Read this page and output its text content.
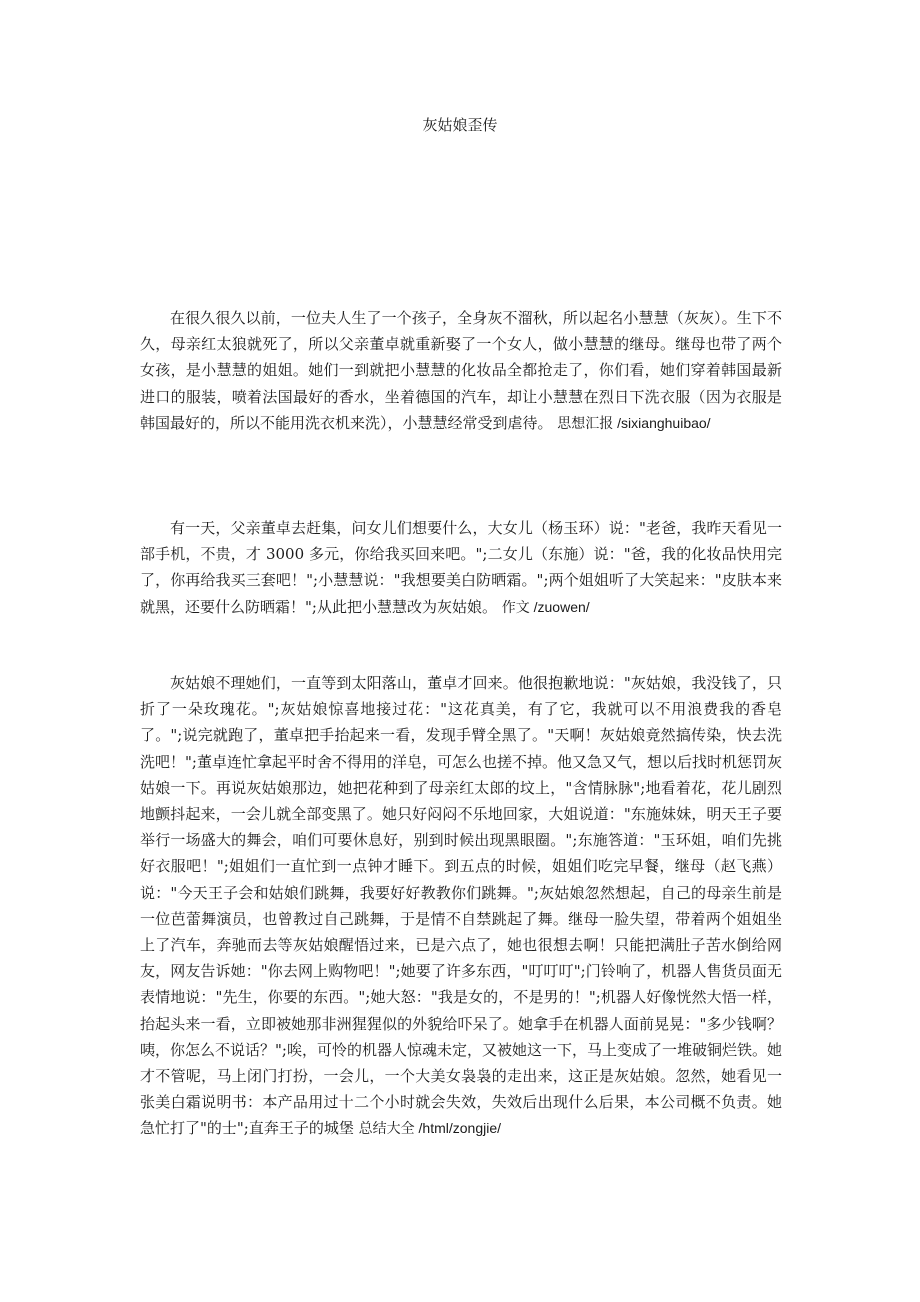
灰姑娘歪传

在很久很久以前，一位夫人生了一个孩子，全身灰不溜秋，所以起名小慧慧（灰灰）。生下不久，母亲红太狼就死了，所以父亲董卓就重新娶了一个女人，做小慧慧的继母。继母也带了两个女孩，是小慧慧的姐姐。她们一到就把小慧慧的化妆品全都抢走了，你们看，她们穿着韩国最新进口的服装，喷着法国最好的香水，坐着德国的汽车，却让小慧慧在烈日下洗衣服（因为衣服是韩国最好的，所以不能用洗衣机来洗），小慧慧经常受到虐待。 思想汇报 /sixianghuibao/

有一天，父亲董卓去赶集，问女儿们想要什么，大女儿（杨玉环）说："老爸，我昨天看见一部手机，不贵，才 3000 多元，你给我买回来吧。";二女儿（东施）说："爸，我的化妆品快用完了，你再给我买三套吧！";小慧慧说："我想要美白防晒霜。";两个姐姐听了大笑起来："皮肤本来就黑，还要什么防晒霜！";从此把小慧慧改为灰姑娘。 作文 /zuowen/

灰姑娘不理她们，一直等到太阳落山，董卓才回来。他很抱歉地说："灰姑娘，我没钱了，只折了一朵玫瑰花。";灰姑娘惊喜地接过花："这花真美，有了它，我就可以不用浪费我的香皂了。";说完就跑了，董卓把手抬起来一看，发现手臂全黑了。"天啊！灰姑娘竟然搞传染，快去洗洗吧！";董卓连忙拿起平时舍不得用的洋皂，可怎么也搓不掉。他又急又气，想以后找时机惩罚灰姑娘一下。再说灰姑娘那边，她把花种到了母亲红太郎的坟上，"含情脉脉";地看着花，花儿剧烈地颤抖起来，一会儿就全部变黑了。她只好闷闷不乐地回家，大姐说道："东施妹妹，明天王子要举行一场盛大的舞会，咱们可要休息好，别到时候出现黑眼圈。";东施答道："玉环姐，咱们先挑好衣服吧！";姐姐们一直忙到一点钟才睡下。到五点的时候，姐姐们吃完早餐，继母（赵飞燕）说："今天王子会和姑娘们跳舞，我要好好教教你们跳舞。";灰姑娘忽然想起，自己的母亲生前是一位芭蕾舞演员，也曾教过自己跳舞，于是情不自禁跳起了舞。继母一脸失望，带着两个姐姐坐上了汽车，奔驰而去等灰姑娘醒悟过来，已是六点了，她也很想去啊！只能把满肚子苦水倒给网友，网友告诉她："你去网上购物吧！";她要了许多东西，"叮叮叮";门铃响了，机器人售货员面无表情地说："先生，你要的东西。";她大怒："我是女的，不是男的！";机器人好像恍然大悟一样，抬起头来一看，立即被她那非洲猩猩似的外貌给吓呆了。她拿手在机器人面前晃晃："多少钱啊？咦，你怎么不说话？";唉，可怜的机器人惊魂未定，又被她这一下，马上变成了一堆破铜烂铁。她才不管呢，马上闭门打扮，一会儿，一个大美女袅袅的走出来，这正是灰姑娘。忽然，她看见一张美白霜说明书：本产品用过十二个小时就会失效，失效后出现什么后果，本公司概不负责。她急忙打了"的士";直奔王子的城堡 总结大全 /html/zongjie/
